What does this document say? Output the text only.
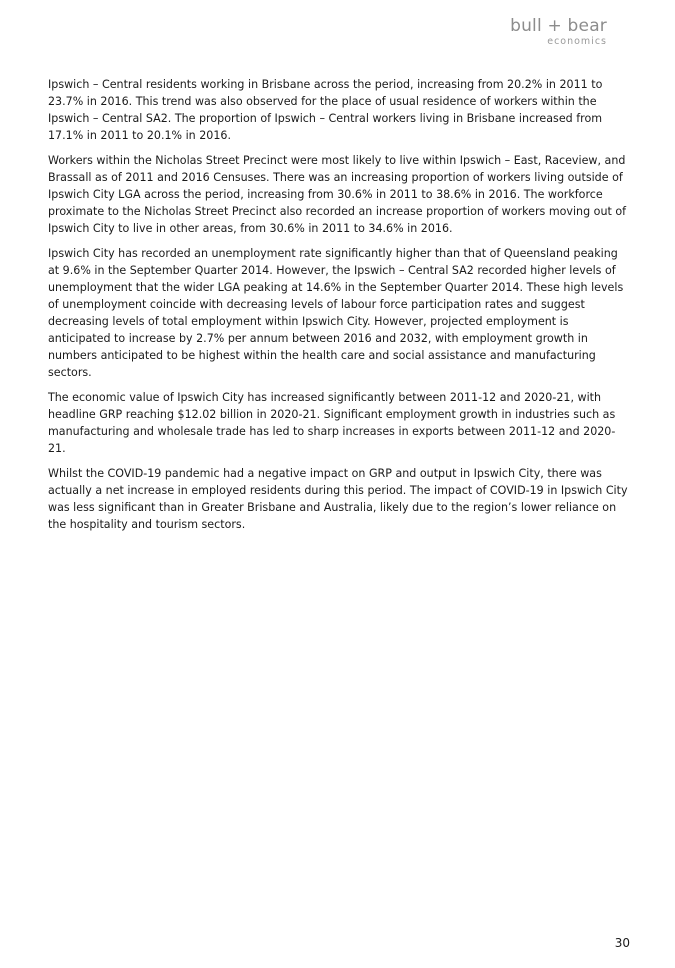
bull + bear
economics

Ipswich – Central residents working in Brisbane across the period, increasing from 20.2% in 2011 to 23.7% in 2016. This trend was also observed for the place of usual residence of workers within the Ipswich – Central SA2. The proportion of Ipswich – Central workers living in Brisbane increased from 17.1% in 2011 to 20.1% in 2016.

Workers within the Nicholas Street Precinct were most likely to live within Ipswich – East, Raceview, and Brassall as of 2011 and 2016 Censuses. There was an increasing proportion of workers living outside of Ipswich City LGA across the period, increasing from 30.6% in 2011 to 38.6% in 2016. The workforce proximate to the Nicholas Street Precinct also recorded an increase proportion of workers moving out of Ipswich City to live in other areas, from 30.6% in 2011 to 34.6% in 2016.

Ipswich City has recorded an unemployment rate significantly higher than that of Queensland peaking at 9.6% in the September Quarter 2014. However, the Ipswich – Central SA2 recorded higher levels of unemployment that the wider LGA peaking at 14.6% in the September Quarter 2014. These high levels of unemployment coincide with decreasing levels of labour force participation rates and suggest decreasing levels of total employment within Ipswich City. However, projected employment is anticipated to increase by 2.7% per annum between 2016 and 2032, with employment growth in numbers anticipated to be highest within the health care and social assistance and manufacturing sectors.

The economic value of Ipswich City has increased significantly between 2011-12 and 2020-21, with headline GRP reaching $12.02 billion in 2020-21. Significant employment growth in industries such as manufacturing and wholesale trade has led to sharp increases in exports between 2011-12 and 2020-21.

Whilst the COVID-19 pandemic had a negative impact on GRP and output in Ipswich City, there was actually a net increase in employed residents during this period. The impact of COVID-19 in Ipswich City was less significant than in Greater Brisbane and Australia, likely due to the region’s lower reliance on the hospitality and tourism sectors.

30
